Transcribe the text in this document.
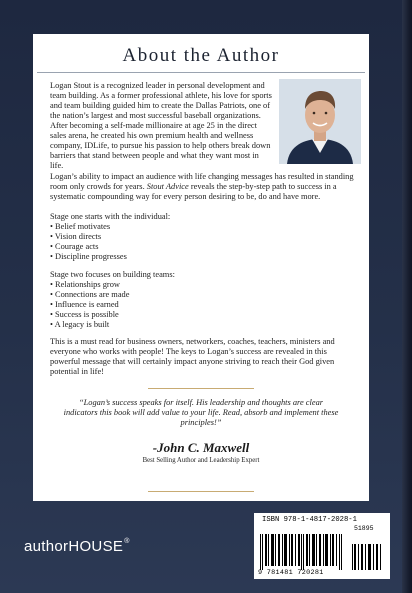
About the Author
Logan Stout is a recognized leader in personal development and team building. As a former professional athlete, his love for sports and team building guided him to create the Dallas Patriots, one of the nation’s largest and most successful baseball organizations. After becoming a self-made millionaire at age 25 in the direct sales arena, he created his own premium health and wellness company, IDLife, to pursue his passion to help others break down barriers that stand between people and what they want most in life.
Logan’s ability to impact an audience with life changing messages has resulted in standing room only crowds for years. Stout Advice reveals the step-by-step path to success in a systematic compounding way for every person desiring to be, do and have more.
Stage one starts with the individual:
• Belief motivates
• Vision directs
• Courage acts
• Discipline progresses
Stage two focuses on building teams:
• Relationships grow
• Connections are made
• Influence is earned
• Success is possible
• A legacy is built
This is a must read for business owners, networkers, coaches, teachers, ministers and everyone who works with people! The keys to Logan’s success are revealed in this powerful message that will certainly impact anyone striving to reach their God given potential in life!
“Logan’s success speaks for itself. His leadership and thoughts are clear indicators this book will add value to your life. Read, absorb and implement these principles!”
-John C. Maxwell
Best Selling Author and Leadership Expert
authorHOUSE®
ISBN 978-1-4817-2028-1
51895
9 781481 720281
